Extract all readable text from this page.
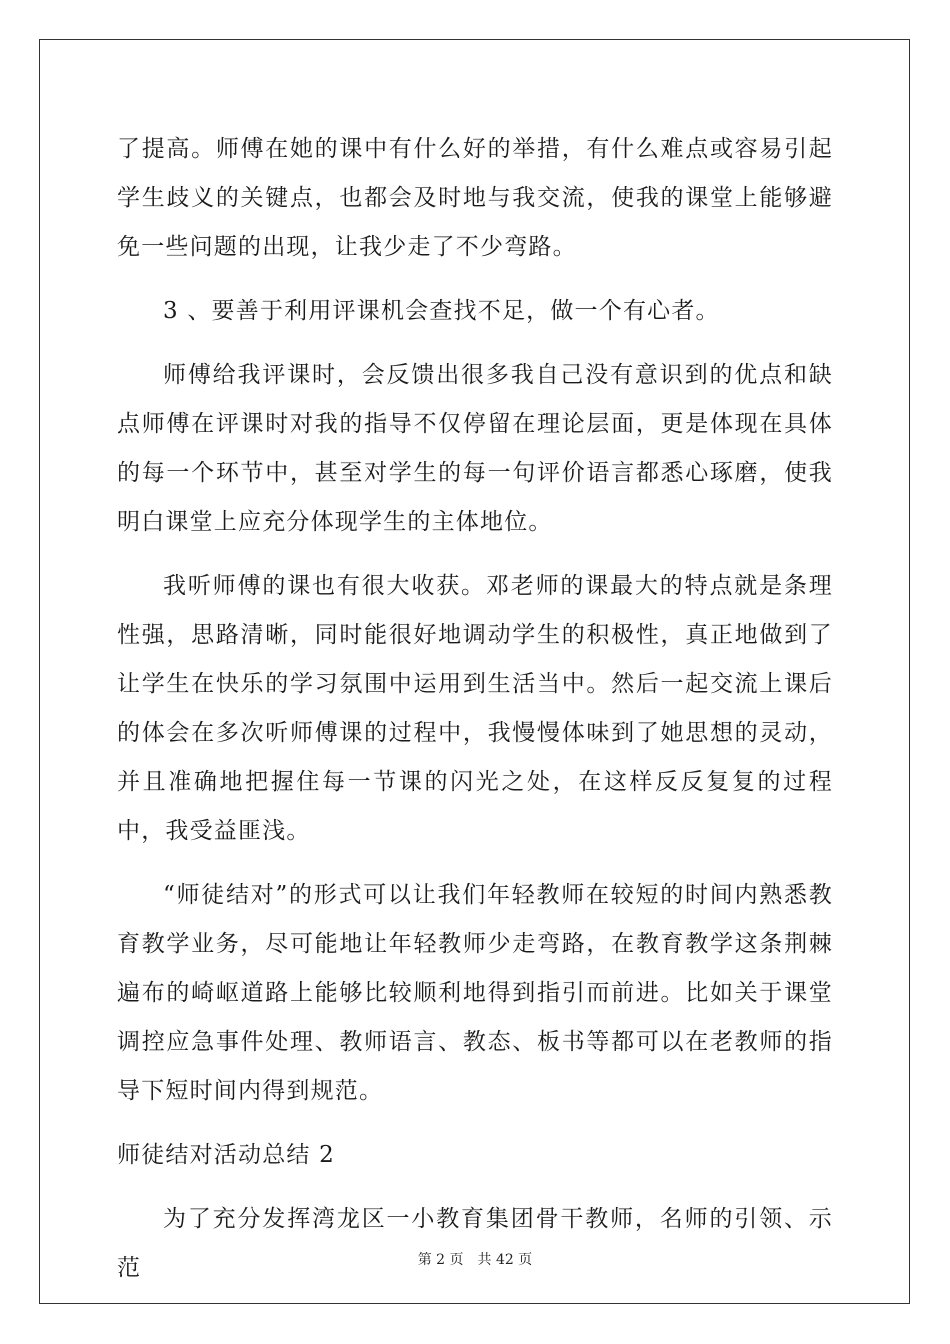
了提高。师傅在她的课中有什么好的举措，有什么难点或容易引起学生歧义的关键点，也都会及时地与我交流，使我的课堂上能够避免一些问题的出现，让我少走了不少弯路。

3 、要善于利用评课机会查找不足，做一个有心者。

师傅给我评课时，会反馈出很多我自己没有意识到的优点和缺点师傅在评课时对我的指导不仅停留在理论层面，更是体现在具体的每一个环节中，甚至对学生的每一句评价语言都悉心琢磨，使我明白课堂上应充分体现学生的主体地位。

我听师傅的课也有很大收获。邓老师的课最大的特点就是条理性强，思路清晰，同时能很好地调动学生的积极性，真正地做到了让学生在快乐的学习氛围中运用到生活当中。然后一起交流上课后的体会在多次听师傅课的过程中，我慢慢体味到了她思想的灵动，并且准确地把握住每一节课的闪光之处，在这样反反复复的过程中，我受益匪浅。

“师徒结对”的形式可以让我们年轻教师在较短的时间内熟悉教育教学业务，尽可能地让年轻教师少走弯路，在教育教学这条荆棘遍布的崎岖道路上能够比较顺利地得到指引而前进。比如关于课堂调控应急事件处理、教师语言、教态、板书等都可以在老教师的指导下短时间内得到规范。

师徒结对活动总结 2

为了充分发挥湾龙区一小教育集团骨干教师，名师的引领、示范	第 2 页 共 42 页
